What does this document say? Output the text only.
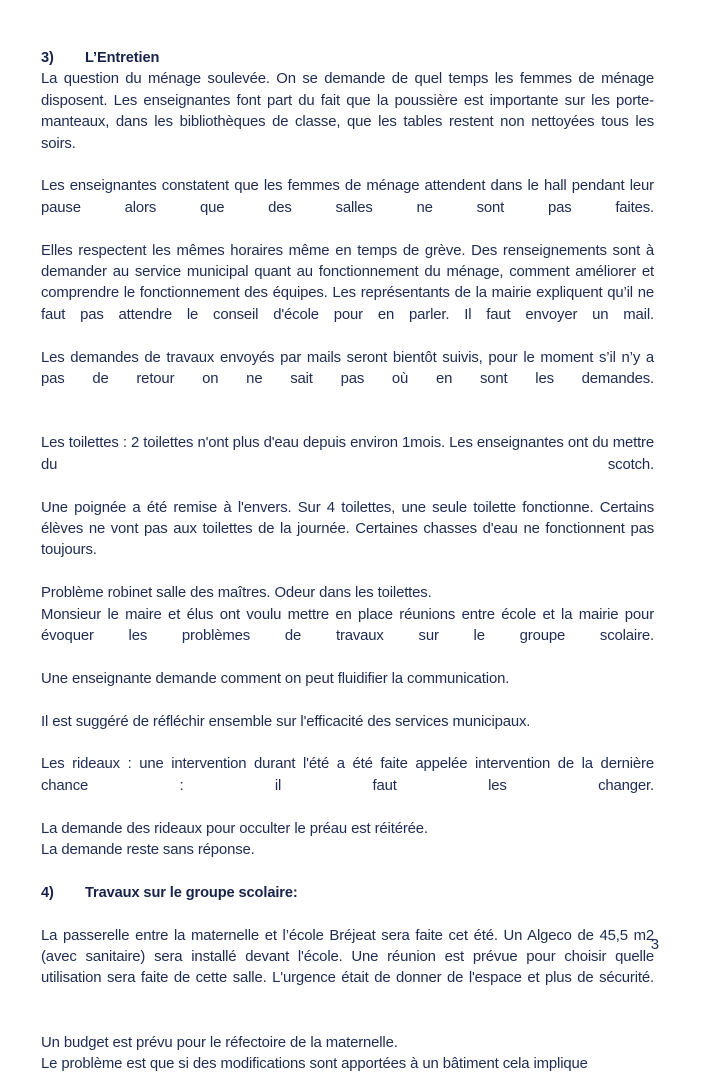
3) L’Entretien

La question du ménage soulevée. On se demande de quel temps les femmes de ménage disposent. Les enseignantes font part du fait que la poussière est importante sur les porte-manteaux, dans les bibliothèques de classe, que les tables restent non nettoyées tous les soirs.

Les enseignantes constatent que les femmes de ménage attendent dans le hall pendant leur pause alors que des salles ne sont pas faites.

Elles respectent les mêmes horaires même en temps de grève. Des renseignements sont à demander au service municipal quant au fonctionnement du ménage, comment améliorer et comprendre le fonctionnement des équipes. Les représentants de la mairie expliquent qu’il ne faut pas attendre le conseil d'école pour en parler. Il faut envoyer un mail.

Les demandes de travaux envoyés par mails seront bientôt suivis, pour le moment s’il n’y a pas de retour on ne sait pas où en sont les demandes.

Les toilettes : 2 toilettes n'ont plus d'eau depuis environ 1mois. Les enseignantes ont du mettre du scotch.

Une poignée a été remise à l'envers. Sur 4 toilettes, une seule toilette fonctionne. Certains élèves ne vont pas aux toilettes de la journée. Certaines chasses d'eau ne fonctionnent pas toujours.

Problème robinet salle des maîtres. Odeur dans les toilettes.

Monsieur le maire et élus ont voulu mettre en place réunions entre école et la mairie pour évoquer les problèmes de travaux sur le groupe scolaire.

Une enseignante demande comment on peut fluidifier la communication.

Il est suggéré de réfléchir ensemble sur l'efficacité des services municipaux.

Les rideaux : une intervention durant l'été a été faite appelée intervention de la dernière chance : il faut les changer.

La demande des rideaux pour occulter le préau est réitérée.

La demande reste sans réponse.

4) Travaux sur le groupe scolaire:

La passerelle entre la maternelle et l’école Bréjeat sera faite cet été. Un Algeco de 45,5 m2 (avec sanitaire) sera installé devant l'école. Une réunion est prévue pour choisir quelle utilisation sera faite de cette salle. L'urgence était de donner de l'espace et plus de sécurité.

Un budget est prévu pour le réfectoire de la maternelle.

Le problème est que si des modifications sont apportées à un bâtiment cela implique

3
